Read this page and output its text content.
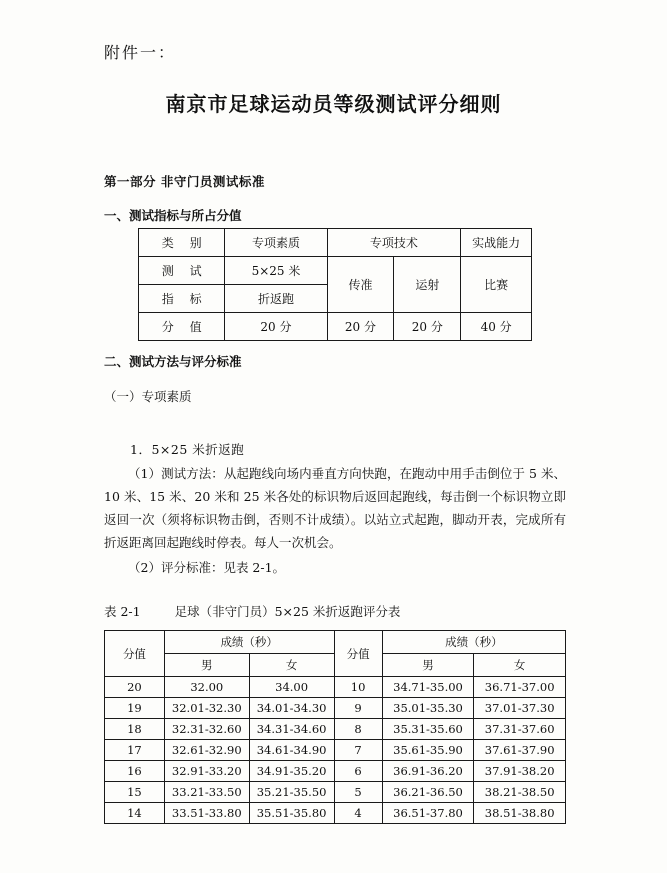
附件一：
南京市足球运动员等级测试评分细则
第一部分 非守门员测试标准
一、测试指标与所占分值
类 别	专项素质	专项技术		实战能力
测 试	5×25 米	传准	运射	比赛
指 标	折返跑			
分 值	20 分	20 分	20 分	40 分
二、测试方法与评分标准
（一）专项素质
1．5×25 米折返跑
（1）测试方法：从起跑线向场内垂直方向快跑，在跑动中用手击倒位于 5 米、10 米、15 米、20 米和 25 米各处的标识物后返回起跑线，每击倒一个标识物立即返回一次（须将标识物击倒，否则不计成绩）。以站立式起跑，脚动开表，完成所有折返距离回起跑线时停表。每人一次机会。
（2）评分标准：见表 2-1。
表 2-1	足球（非守门员）5×25 米折返跑评分表
分值	成绩（秒）		分值	成绩（秒）	
	男	女		男	女
20	32.00	34.00	10	34.71-35.00	36.71-37.00
19	32.01-32.30	34.01-34.30	9	35.01-35.30	37.01-37.30
18	32.31-32.60	34.31-34.60	8	35.31-35.60	37.31-37.60
17	32.61-32.90	34.61-34.90	7	35.61-35.90	37.61-37.90
16	32.91-33.20	34.91-35.20	6	36.91-36.20	37.91-38.20
15	33.21-33.50	35.21-35.50	5	36.21-36.50	38.21-38.50
14	33.51-33.80	35.51-35.80	4	36.51-37.80	38.51-38.80
